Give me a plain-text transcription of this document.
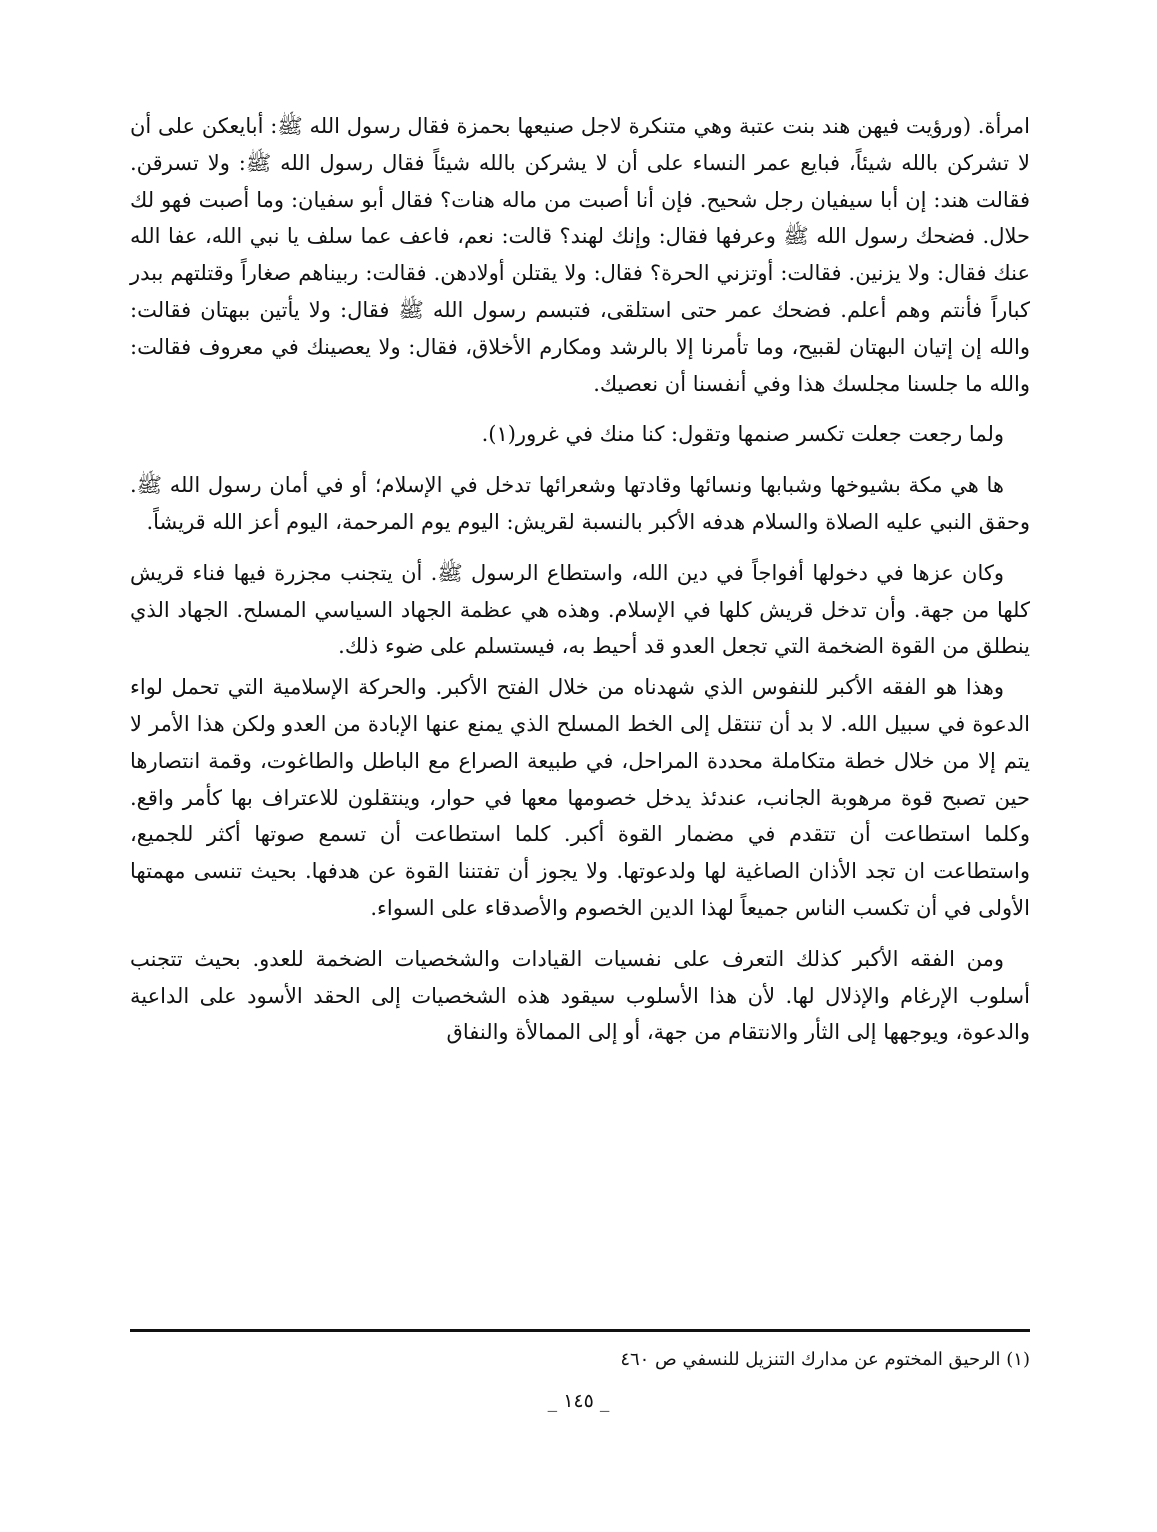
امرأة. (ورؤيت فيهن هند بنت عتبة وهي متنكرة لاجل صنيعها بحمزة فقال رسول الله ﷺ: أبايعكن على أن لا تشركن بالله شيئاً، فبايع عمر النساء على أن لا يشركن بالله شيئاً فقال رسول الله ﷺ: ولا تسرقن. فقالت هند: إن أبا سيفيان رجل شحيح. فإن أنا أصبت من ماله هنات؟ فقال أبو سفيان: وما أصبت فهو لك حلال. فضحك رسول الله ﷺ وعرفها فقال: وإنك لهند؟ قالت: نعم، فاعف عما سلف يا نبي الله، عفا الله عنك فقال: ولا يزنين. فقالت: أوتزني الحرة؟ فقال: ولا يقتلن أولادهن. فقالت: ربيناهم صغاراً وقتلتهم ببدر كباراً فأنتم وهم أعلم. فضحك عمر حتى استلقى، فتبسم رسول الله ﷺ فقال: ولا يأتين ببهتان فقالت: والله إن إتيان البهتان لقبيح، وما تأمرنا إلا بالرشد ومكارم الأخلاق، فقال: ولا يعصينك في معروف فقالت: والله ما جلسنا مجلسك هذا وفي أنفسنا أن نعصيك.

ولما رجعت جعلت تكسر صنمها وتقول: كنا منك في غرور(١).

ها هي مكة بشيوخها وشبابها ونسائها وقادتها وشعرائها تدخل في الإسلام؛ أو في أمان رسول الله ﷺ. وحقق النبي عليه الصلاة والسلام هدفه الأكبر بالنسبة لقريش: اليوم يوم المرحمة، اليوم أعز الله قريشاً.

وكان عزها في دخولها أفواجاً في دين الله، واستطاع الرسول ﷺ. أن يتجنب مجزرة فيها فناء قريش كلها من جهة. وأن تدخل قريش كلها في الإسلام. وهذه هي عظمة الجهاد السياسي المسلح. الجهاد الذي ينطلق من القوة الضخمة التي تجعل العدو قد أحيط به، فيستسلم على ضوء ذلك.

وهذا هو الفقه الأكبر للنفوس الذي شهدناه من خلال الفتح الأكبر. والحركة الإسلامية التي تحمل لواء الدعوة في سبيل الله. لا بد أن تنتقل إلى الخط المسلح الذي يمنع عنها الإبادة من العدو ولكن هذا الأمر لا يتم إلا من خلال خطة متكاملة محددة المراحل، في طبيعة الصراع مع الباطل والطاغوت، وقمة انتصارها حين تصبح قوة مرهوبة الجانب، عندئذ يدخل خصومها معها في حوار، وينتقلون للاعتراف بها كأمر واقع. وكلما استطاعت أن تتقدم في مضمار القوة أكبر. كلما استطاعت أن تسمع صوتها أكثر للجميع، واستطاعت ان تجد الأذان الصاغية لها ولدعوتها. ولا يجوز أن تفتننا القوة عن هدفها. بحيث تنسى مهمتها الأولى في أن تكسب الناس جميعاً لهذا الدين الخصوم والأصدقاء على السواء.

ومن الفقه الأكبر كذلك التعرف على نفسيات القيادات والشخصيات الضخمة للعدو. بحيث تتجنب أسلوب الإرغام والإذلال لها. لأن هذا الأسلوب سيقود هذه الشخصيات إلى الحقد الأسود على الداعية والدعوة، ويوجهها إلى الثأر والانتقام من جهة، أو إلى الممالأة والنفاق

(١) الرحيق المختوم عن مدارك التنزيل للنسفي ص ٤٦٠
_ ١٤٥ _
